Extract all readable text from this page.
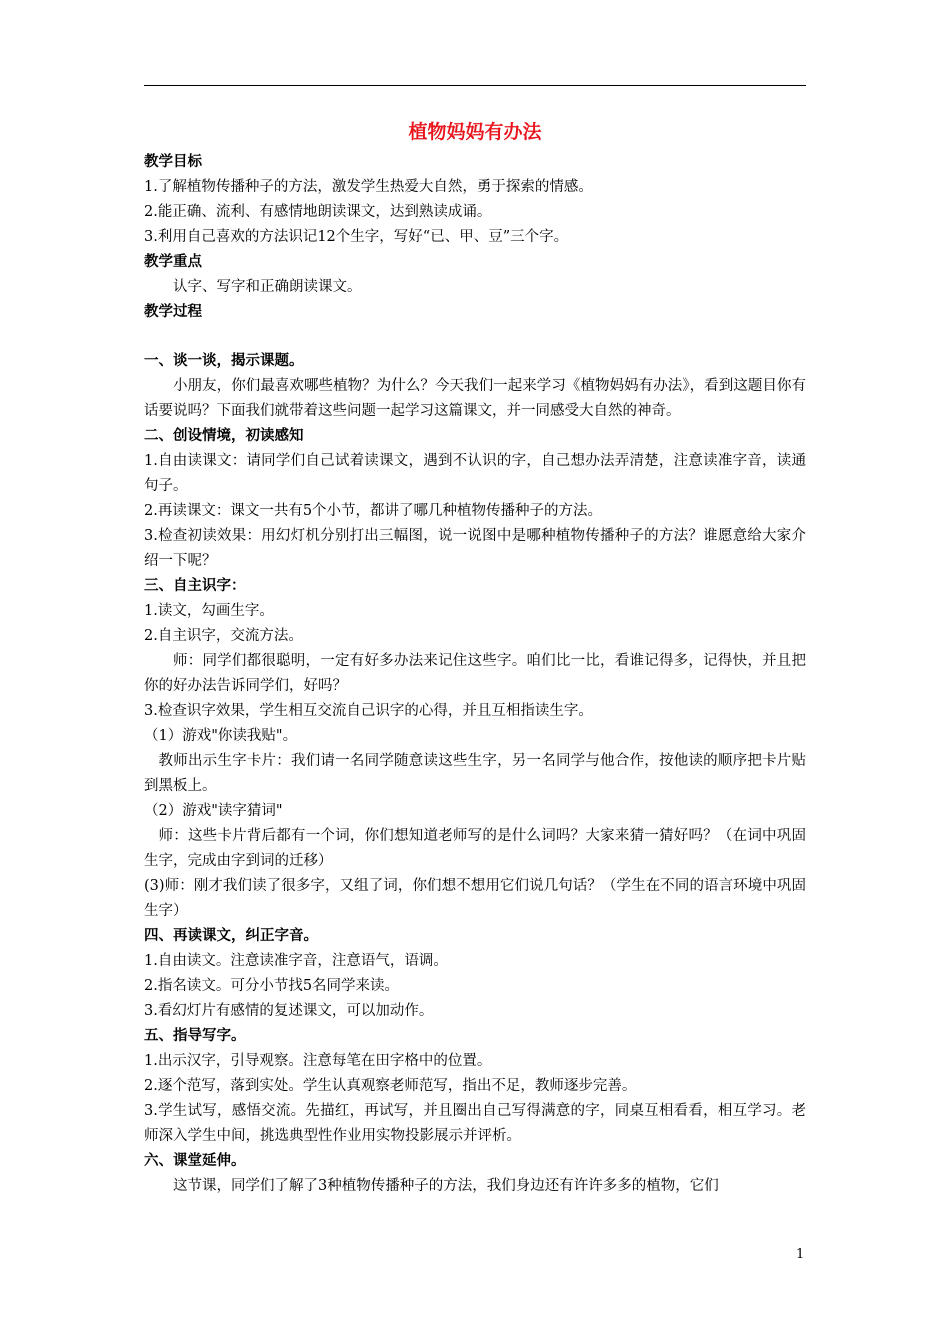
植物妈妈有办法
教学目标

1.了解植物传播种子的方法，激发学生热爱大自然，勇于探索的情感。

2.能正确、流利、有感情地朗读课文，达到熟读成诵。

3.利用自己喜欢的方法识记12个生字，写好“已、甲、豆”三个字。

教学重点

认字、写字和正确朗读课文。

教学过程

一、谈一谈，揭示课题。

小朋友，你们最喜欢哪些植物？为什么？今天我们一起来学习《植物妈妈有办法》，看到这题目你有话要说吗？下面我们就带着这些问题一起学习这篇课文，并一同感受大自然的神奇。

二、创设情境，初读感知

1.自由读课文：请同学们自己试着读课文，遇到不认识的字，自己想办法弄清楚，注意读准字音，读通句子。

2.再读课文：课文一共有5个小节，都讲了哪几种植物传播种子的方法。

3.检查初读效果：用幻灯机分别打出三幅图，说一说图中是哪种植物传播种子的方法？谁愿意给大家介绍一下呢？

三、自主识字：

1.读文，勾画生字。

2.自主识字，交流方法。

师：同学们都很聪明，一定有好多办法来记住这些字。咱们比一比，看谁记得多，记得快，并且把你的好办法告诉同学们，好吗？

3.检查识字效果，学生相互交流自己识字的心得，并且互相指读生字。

（1）游戏"你读我贴"。

教师出示生字卡片：我们请一名同学随意读这些生字，另一名同学与他合作，按他读的顺序把卡片贴到黑板上。

（2）游戏"读字猜词"

师：这些卡片背后都有一个词，你们想知道老师写的是什么词吗？大家来猜一猜好吗？（在词中巩固生字，完成由字到词的迁移）

(3)师：刚才我们读了很多字，又组了词，你们想不想用它们说几句话？（学生在不同的语言环境中巩固生字）

四、再读课文，纠正字音。

1.自由读文。注意读准字音，注意语气，语调。

2.指名读文。可分小节找5名同学来读。

3.看幻灯片有感情的复述课文，可以加动作。

五、指导写字。

1.出示汉字，引导观察。注意每笔在田字格中的位置。

2.逐个范写，落到实处。学生认真观察老师范写，指出不足，教师逐步完善。

3.学生试写，感悟交流。先描红，再试写，并且圈出自己写得满意的字，同桌互相看看，相互学习。老师深入学生中间，挑选典型性作业用实物投影展示并评析。

六、课堂延伸。

这节课，同学们了解了3种植物传播种子的方法，我们身边还有许许多多的植物，它们

1
